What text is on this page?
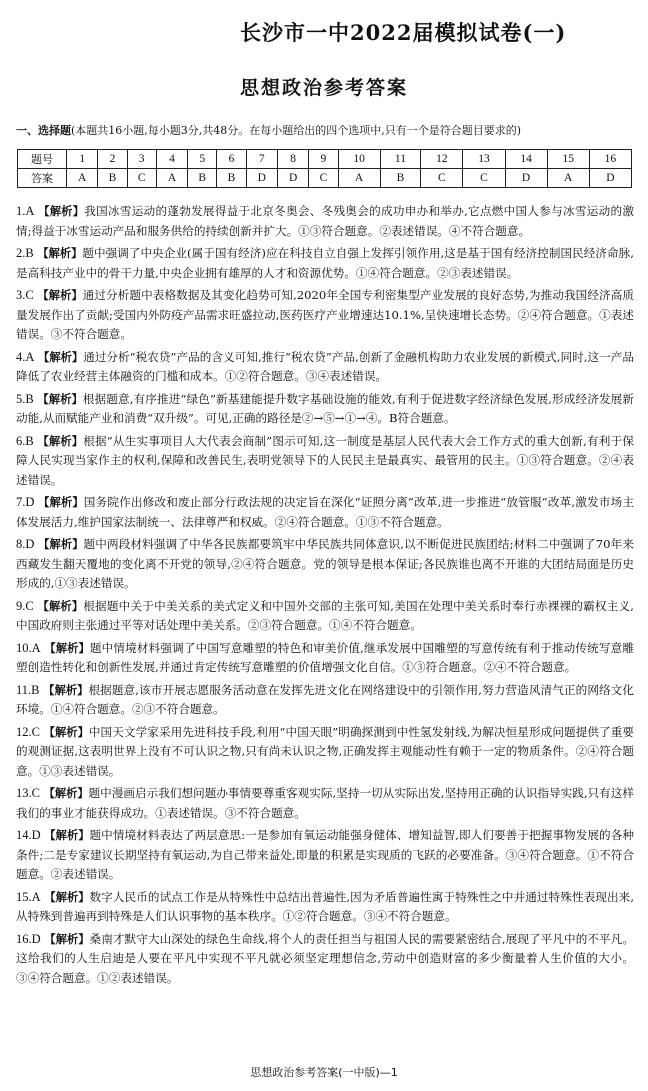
长沙市一中2022届模拟试卷(一)
思想政治参考答案
一、选择题(本题共16小题,每小题3分,共48分。在每小题给出的四个选项中,只有一个是符合题目要求的)
题号	1	2	3	4	5	6	7	8	9	10	11	12	13	14	15	16
答案	A	B	C	A	B	B	D	D	C	A	B	C	C	D	A	D
1.A 【解析】我国冰雪运动的蓬勃发展得益于北京冬奥会、冬残奥会的成功申办和举办,它点燃中国人参与冰雪运动的激情;得益于冰雪运动产品和服务供给的持续创新并扩大。①③符合题意。②表述错误。④不符合题意。
2.B 【解析】题中强调了中央企业(属于国有经济)应在科技自立自强上发挥引领作用,这是基于国有经济控制国民经济命脉,是高科技产业中的骨干力量,中央企业拥有雄厚的人才和资源优势。①④符合题意。②③表述错误。
3.C 【解析】通过分析题中表格数据及其变化趋势可知,2020年全国专利密集型产业发展的良好态势,为推动我国经济高质量发展作出了贡献;受国内外防疫产品需求旺盛拉动,医药医疗产业增速达10.1%,呈快速增长态势。②④符合题意。①表述错误。③不符合题意。
4.A 【解析】通过分析“税农贷”产品的含义可知,推行“税农贷”产品,创新了金融机构助力农业发展的新模式,同时,这一产品降低了农业经营主体融资的门槛和成本。①②符合题意。③④表述错误。
5.B 【解析】根据题意,有序推进“绿色”新基建能提升数字基础设施的能效,有利于促进数字经济绿色发展,形成经济发展新动能,从而赋能产业和消费“双升级”。可见,正确的路径是②→⑤→①→④。B符合题意。
6.B 【解析】根据“从生实事项目人大代表会商制”图示可知,这一制度是基层人民代表大会工作方式的重大创新,有利于保障人民实现当家作主的权利,保障和改善民生,表明党领导下的人民民主是最真实、最管用的民主。①③符合题意。②④表述错误。
7.D 【解析】国务院作出修改和废止部分行政法规的决定旨在深化“证照分离”改革,进一步推进“放管服”改革,激发市场主体发展活力,维护国家法制统一、法律尊严和权威。②④符合题意。①③不符合题意。
8.D 【解析】题中两段材料强调了中华各民族都要筑牢中华民族共同体意识,以不断促进民族团结;材料二中强调了70年来西藏发生翻天覆地的变化离不开党的领导,②④符合题意。党的领导是根本保证;各民族谁也离不开谁的大团结局面是历史形成的,①③表述错误。
9.C 【解析】根据题中关于中美关系的美式定义和中国外交部的主张可知,美国在处理中美关系时奉行赤裸裸的霸权主义,中国政府则主张通过平等对话处理中美关系。②③符合题意。①④不符合题意。
10.A 【解析】题中情境材料强调了中国写意雕塑的特色和审美价值,继承发展中国雕塑的写意传统有利于推动传统写意雕塑创造性转化和创新性发展,并通过肯定传统写意雕塑的价值增强文化自信。①③符合题意。②④不符合题意。
11.B 【解析】根据题意,该市开展志愿服务活动意在发挥先进文化在网络建设中的引领作用,努力营造风清气正的网络文化环境。①④符合题意。②③不符合题意。
12.C 【解析】中国天文学家采用先进科技手段,利用“中国天眼”明确探测到中性氢发射线,为解决恒星形成问题提供了重要的观测证据,这表明世界上没有不可认识之物,只有尚未认识之物,正确发挥主观能动性有赖于一定的物质条件。②④符合题意。①③表述错误。
13.C 【解析】题中漫画启示我们想问题办事情要尊重客观实际,坚持一切从实际出发,坚持用正确的认识指导实践,只有这样我们的事业才能获得成功。①表述错误。③不符合题意。
14.D 【解析】题中情境材料表达了两层意思:一是参加有氧运动能强身健体、增知益智,即人们要善于把握事物发展的各种条件;二是专家建议长期坚持有氧运动,为自己带来益处,即量的积累是实现质的飞跃的必要准备。③④符合题意。①不符合题意。②表述错误。
15.A 【解析】数字人民币的试点工作是从特殊性中总结出普遍性,因为矛盾普遍性寓于特殊性之中并通过特殊性表现出来,从特殊到普遍再到特殊是人们认识事物的基本秩序。①②符合题意。③④不符合题意。
16.D 【解析】桑南才默守大山深处的绿色生命线,将个人的责任担当与祖国人民的需要紧密结合,展现了平凡中的不平凡。这给我们的人生启迪是人要在平凡中实现不平凡就必须坚定理想信念,劳动中创造财富的多少衡量着人生价值的大小。③④符合题意。①②表述错误。
思想政治参考答案(一中版)—1
